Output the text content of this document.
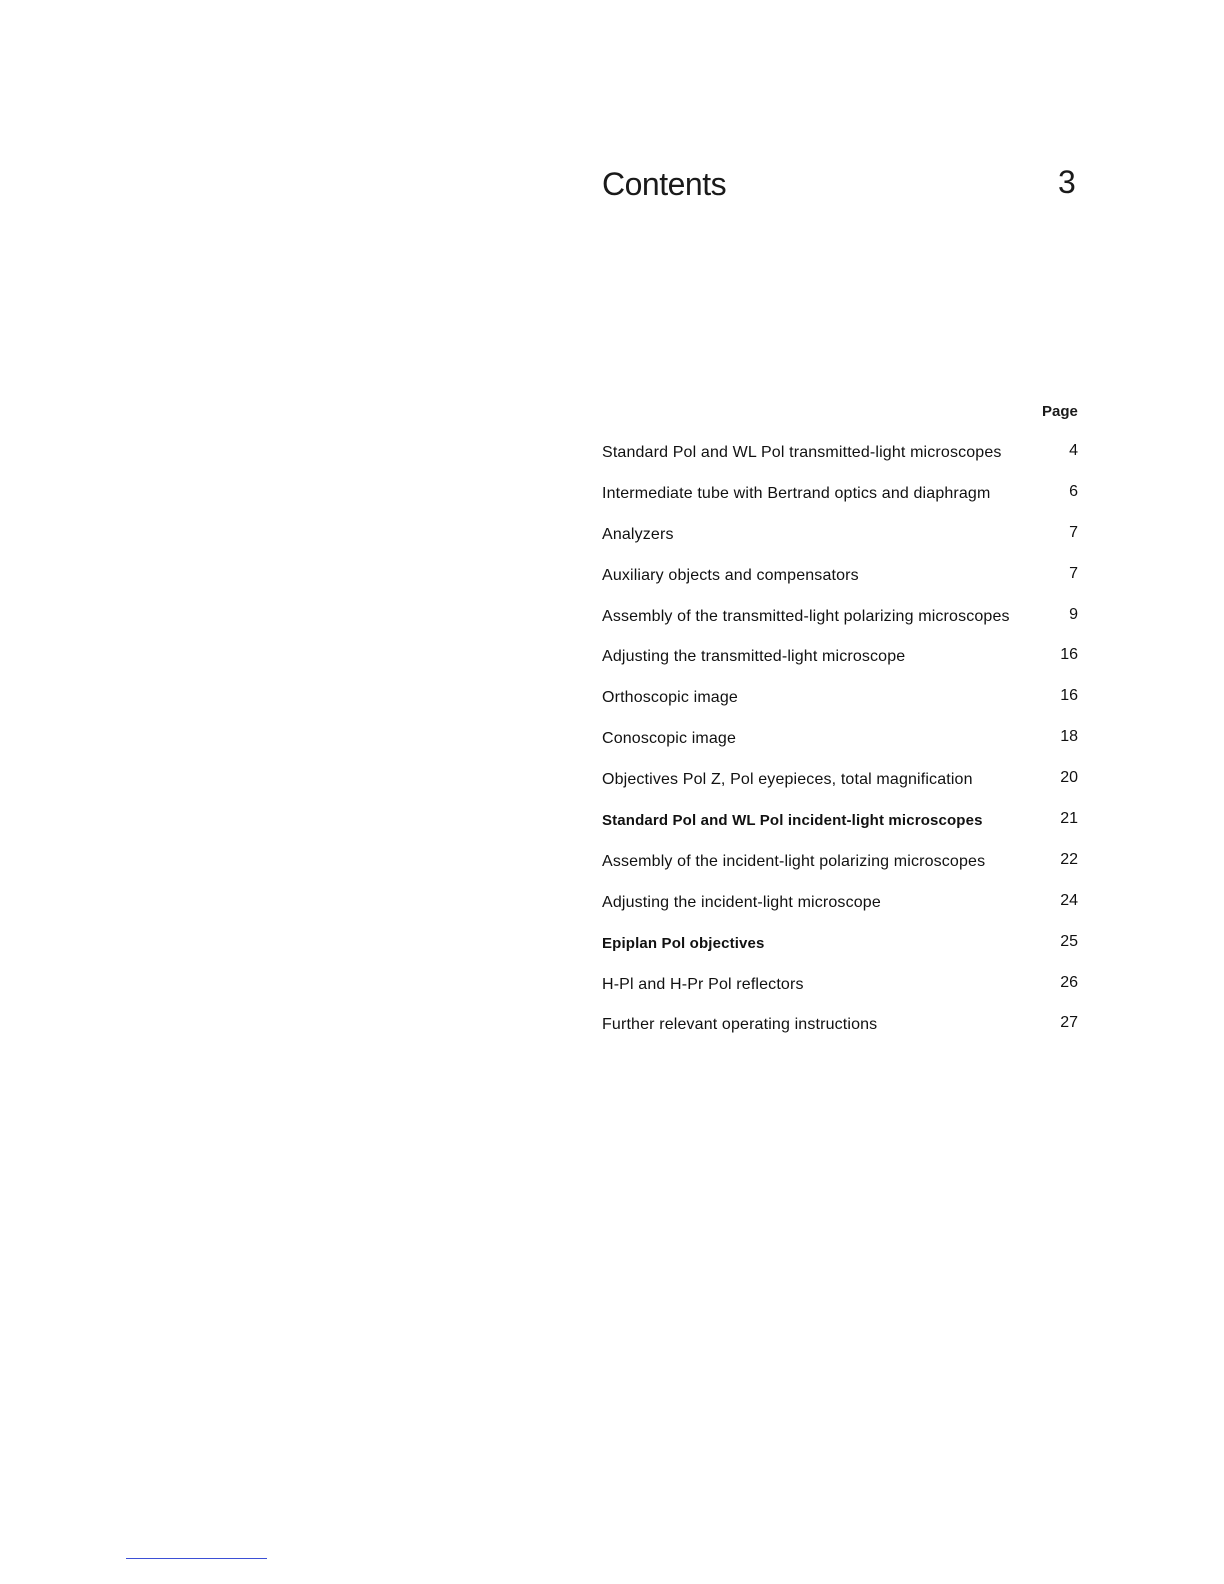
Contents	3
Page
Standard Pol and WL Pol transmitted-light microscopes	4
Intermediate tube with Bertrand optics and diaphragm	6
Analyzers	7
Auxiliary objects and compensators	7
Assembly of the transmitted-light polarizing microscopes	9
Adjusting the transmitted-light microscope	16
Orthoscopic image	16
Conoscopic image	18
Objectives Pol Z, Pol eyepieces, total magnification	20
Standard Pol and WL Pol incident-light microscopes	21
Assembly of the incident-light polarizing microscopes	22
Adjusting the incident-light microscope	24
Epiplan Pol objectives	25
H-Pl and H-Pr Pol reflectors	26
Further relevant operating instructions	27
